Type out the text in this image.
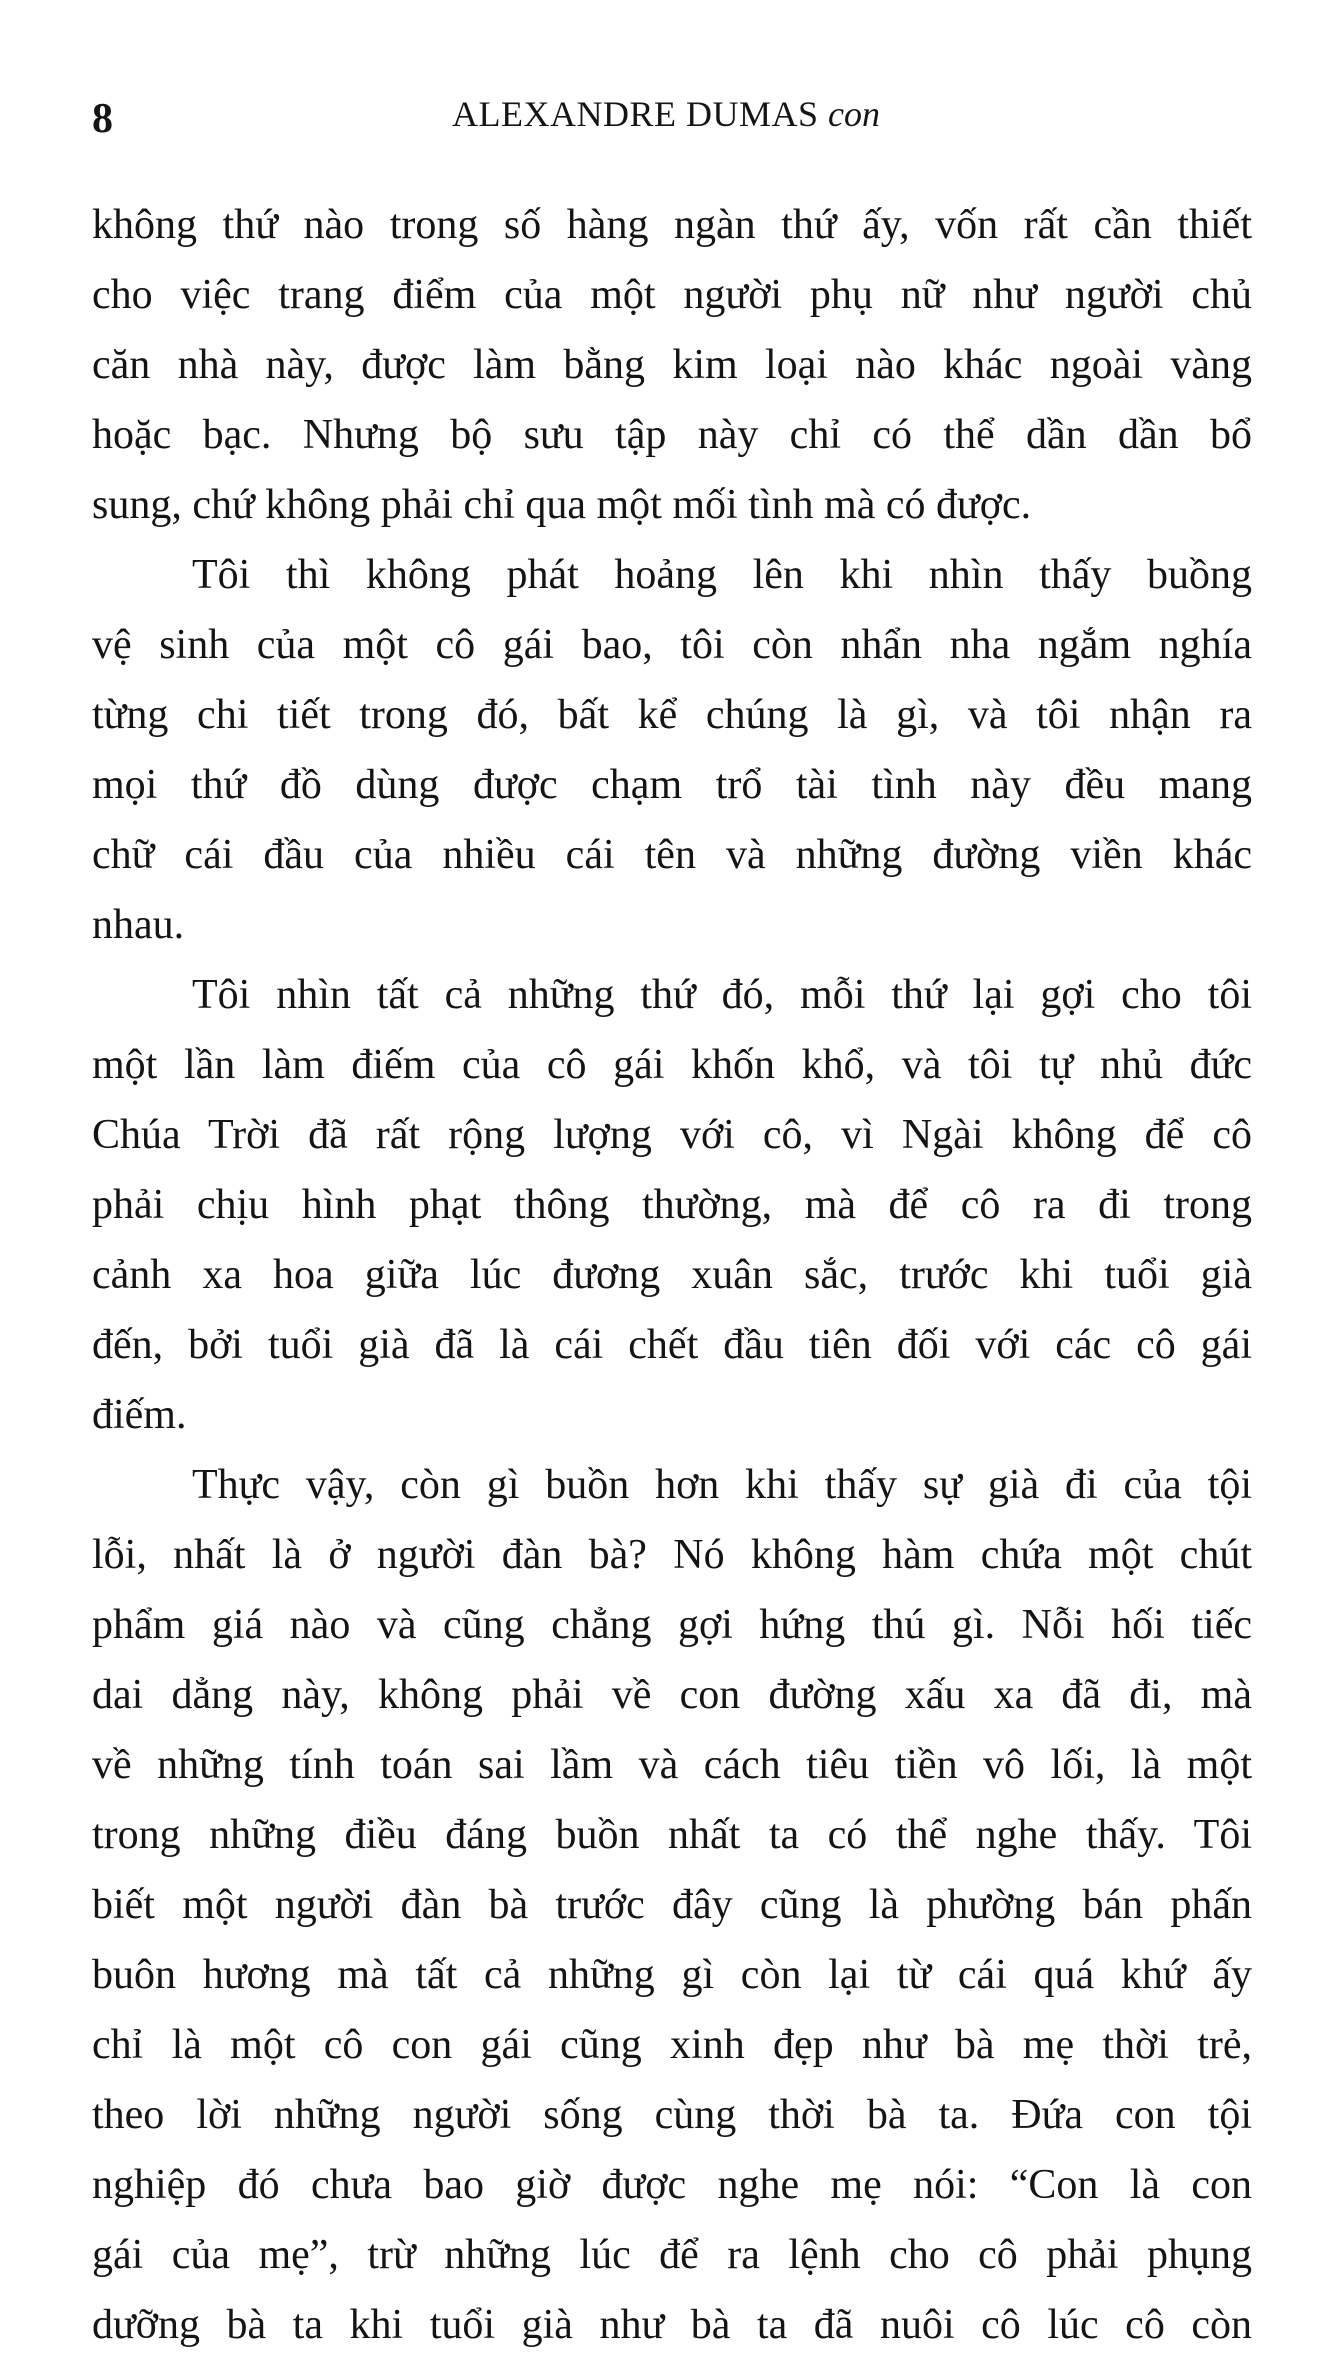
8	ALEXANDRE DUMAS con
không thứ nào trong số hàng ngàn thứ ấy, vốn rất cần thiết
cho việc trang điểm của một người phụ nữ như người chủ
căn nhà này, được làm bằng kim loại nào khác ngoài vàng
hoặc bạc. Nhưng bộ sưu tập này chỉ có thể dần dần bổ
sung, chứ không phải chỉ qua một mối tình mà có được.
Tôi thì không phát hoảng lên khi nhìn thấy buồng
vệ sinh của một cô gái bao, tôi còn nhẩn nha ngắm nghía
từng chi tiết trong đó, bất kể chúng là gì, và tôi nhận ra
mọi thứ đồ dùng được chạm trổ tài tình này đều mang
chữ cái đầu của nhiều cái tên và những đường viền khác
nhau.
Tôi nhìn tất cả những thứ đó, mỗi thứ lại gợi cho tôi
một lần làm điếm của cô gái khốn khổ, và tôi tự nhủ đức
Chúa Trời đã rất rộng lượng với cô, vì Ngài không để cô
phải chịu hình phạt thông thường, mà để cô ra đi trong
cảnh xa hoa giữa lúc đương xuân sắc, trước khi tuổi già
đến, bởi tuổi già đã là cái chết đầu tiên đối với các cô gái
điếm.
Thực vậy, còn gì buồn hơn khi thấy sự già đi của tội
lỗi, nhất là ở người đàn bà? Nó không hàm chứa một chút
phẩm giá nào và cũng chẳng gợi hứng thú gì. Nỗi hối tiếc
dai dẳng này, không phải về con đường xấu xa đã đi, mà
về những tính toán sai lầm và cách tiêu tiền vô lối, là một
trong những điều đáng buồn nhất ta có thể nghe thấy. Tôi
biết một người đàn bà trước đây cũng là phường bán phấn
buôn hương mà tất cả những gì còn lại từ cái quá khứ ấy
chỉ là một cô con gái cũng xinh đẹp như bà mẹ thời trẻ,
theo lời những người sống cùng thời bà ta. Đứa con tội
nghiệp đó chưa bao giờ được nghe mẹ nói: “Con là con
gái của mẹ”, trừ những lúc để ra lệnh cho cô phải phụng
dưỡng bà ta khi tuổi già như bà ta đã nuôi cô lúc cô còn
